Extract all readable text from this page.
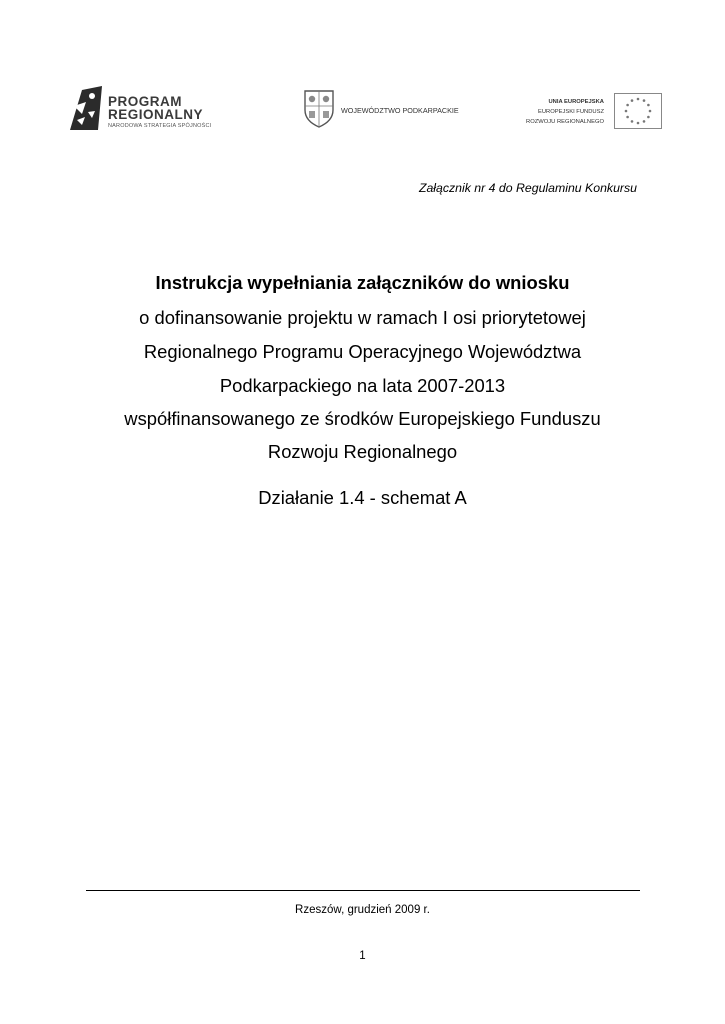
PROGRAM
REGIONALNY
NARODOWA STRATEGIA SPÓJNOŚCI
WOJEWÓDZTWO PODKARPACKIE
UNIA EUROPEJSKA
EUROPEJSKI FUNDUSZ
ROZWOJU REGIONALNEGO
Załącznik nr 4 do Regulaminu Konkursu
Instrukcja wypełniania załączników do wniosku
o dofinansowanie projektu w ramach I osi priorytetowej
Regionalnego Programu Operacyjnego Województwa
Podkarpackiego na lata 2007-2013
współfinansowanego ze środków Europejskiego Funduszu
Rozwoju Regionalnego
Działanie 1.4 - schemat A
Rzeszów, grudzień 2009 r.
1
